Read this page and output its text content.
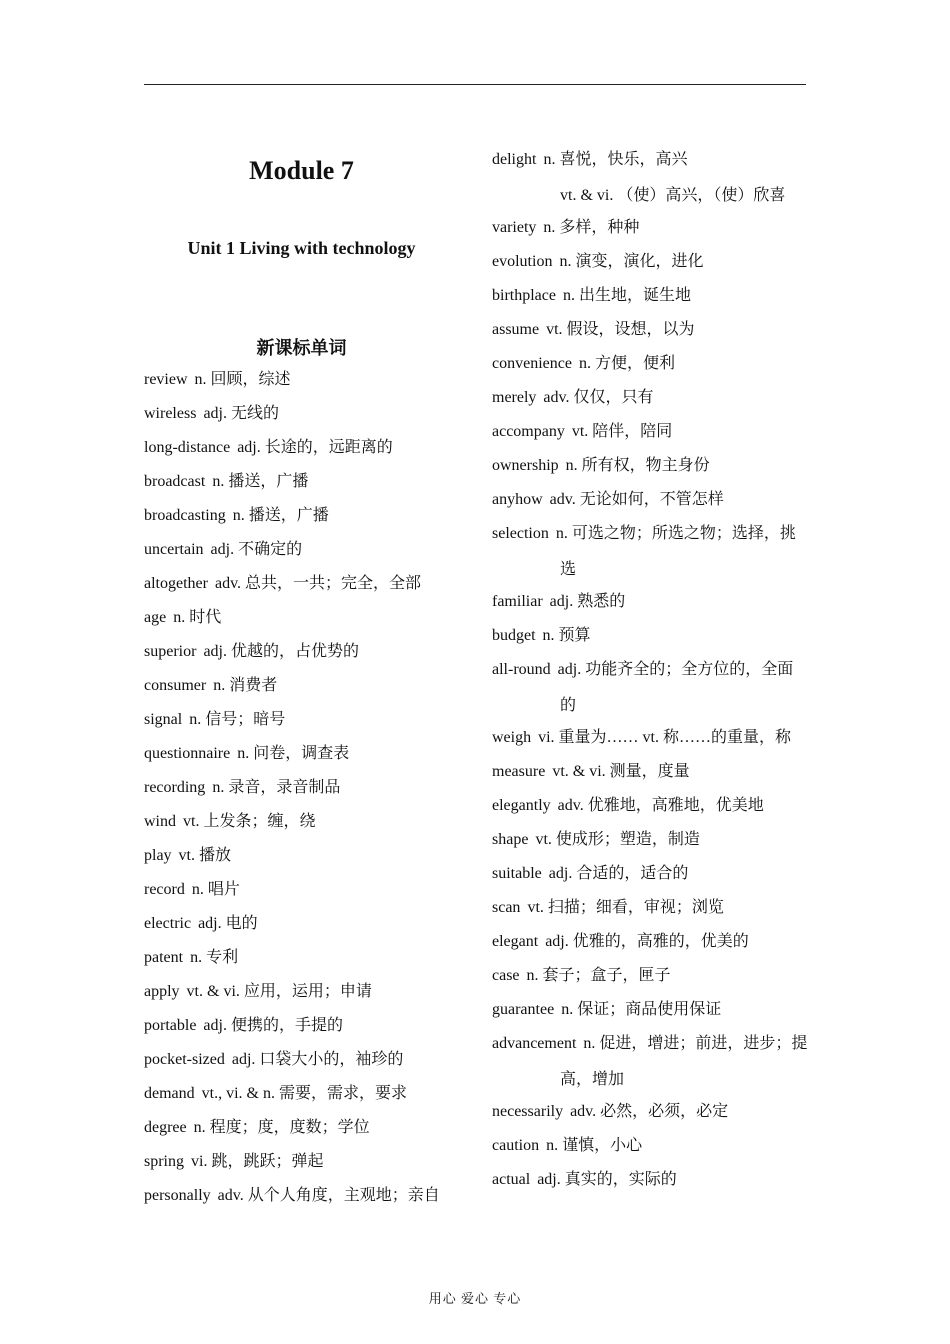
Module 7
Unit 1 Living with technology
新课标单词
review n. 回顾，综述
wireless adj. 无线的
long-distance adj. 长途的，远距离的
broadcast n. 播送，广播
broadcasting n. 播送，广播
uncertain adj. 不确定的
altogether adv. 总共，一共；完全，全部
age n. 时代
superior adj. 优越的，占优势的
consumer n. 消费者
signal n. 信号；暗号
questionnaire n. 问卷，调查表
recording n. 录音，录音制品
wind vt. 上发条；缠，绕
play vt. 播放
record n. 唱片
electric adj. 电的
patent n. 专利
apply vt. & vi. 应用，运用；申请
portable adj. 便携的，手提的
pocket-sized adj. 口袋大小的，袖珍的
demand vt., vi. & n. 需要，需求，要求
degree n. 程度；度，度数；学位
spring vi. 跳，跳跃；弹起
personally adv. 从个人角度，主观地；亲自
delight n. 喜悦，快乐，高兴
vt. & vi. （使）高兴，（使）欣喜
variety n. 多样，种种
evolution n. 演变，演化，进化
birthplace n. 出生地，诞生地
assume vt. 假设，设想，以为
convenience n. 方便，便利
merely adv. 仅仅，只有
accompany vt. 陪伴，陪同
ownership n. 所有权，物主身份
anyhow adv. 无论如何，不管怎样
selection n. 可选之物；所选之物；选择，挑
选
familiar adj. 熟悉的
budget n. 预算
all-round adj. 功能齐全的；全方位的，全面
的
weigh vi. 重量为…… vt. 称……的重量，称
measure vt. & vi. 测量，度量
elegantly adv. 优雅地，高雅地，优美地
shape vt. 使成形；塑造，制造
suitable adj. 合适的，适合的
scan vt. 扫描；细看，审视；浏览
elegant adj. 优雅的，高雅的，优美的
case n. 套子；盒子，匣子
guarantee n. 保证；商品使用保证
advancement n. 促进，增进；前进，进步；提
高，增加
necessarily adv. 必然，必须，必定
caution n. 谨慎，小心
actual adj. 真实的，实际的
用心 爱心 专心
